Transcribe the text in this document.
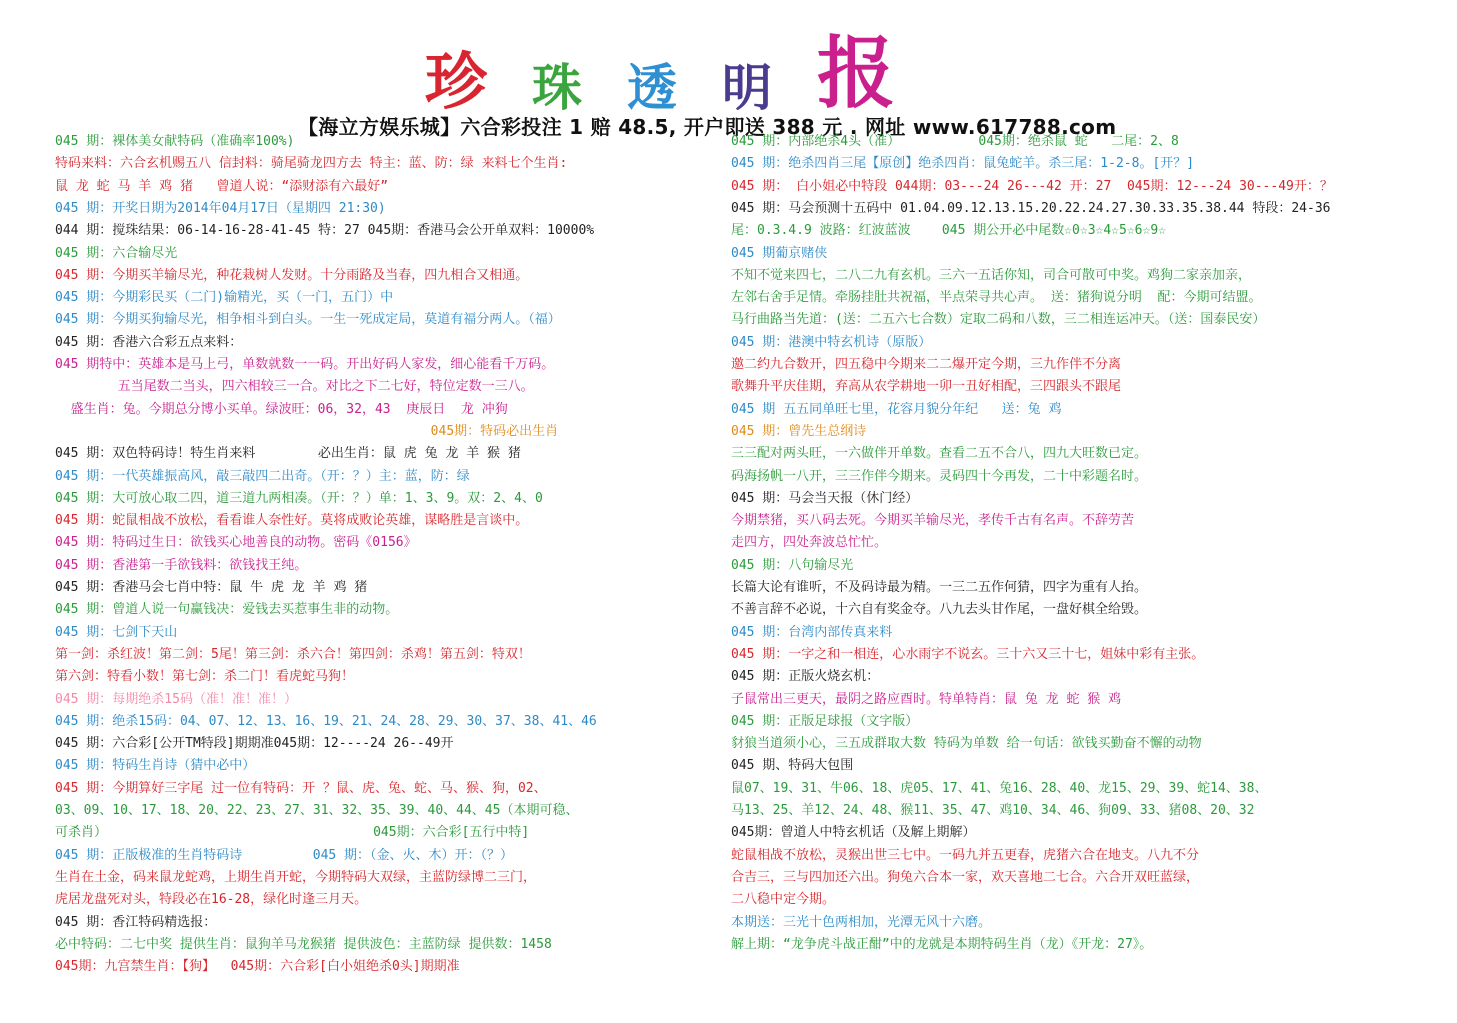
珍 珠 透 明 报
【海立方娱乐城】六合彩投注 1 赔 48.5, 开户即送 388 元 . 网址 www.617788.com
045 期：裸体美女献特码（准确率100%)
特码来料：六合玄机赐五八 信封料：骑尾骑龙四方去 特主：蓝、防：绿 来料七个生肖:
鼠 龙 蛇 马 羊 鸡 猪   曾道人说：“添财添有六最好”
045 期：开奖日期为2014年04月17日（星期四 21:30)
044 期：搅珠结果：06-14-16-28-41-45 特：27 045期：香港马会公开单双料：10000%
045 期：六合输尽光
045 期：今期买羊输尽光，种花栽树人发财。十分雨路及当春，四九相合又相通。
045 期：今期彩民买（二门)输精光，买（一门，五门）中
045 期：今期买狗输尽光，相争相斗到白头。一生一死成定局，莫道有福分两人。（福）
045 期：香港六合彩五点来料：
045 期特中：英雄本是马上弓，单数就数一一码。开出好码人家发，细心能看千万码。
五当尾数二当头，四六相较三一合。对比之下二七好，特位定数一三八。
盛生肖：兔。今期总分博小买单。绿波旺：06，32，43  庚辰日  龙 冲狗
045期：特码必出生肖
045 期：双色特码诗！特生肖来料        必出生肖：鼠 虎 兔 龙 羊 猴 猪
045 期：一代英雄振高风，敲三敲四二出奇。（开：？）主：蓝，防：绿
045 期：大可放心取二四，道三道九两相凑。（开：？）单：1、3、9。双：2、4、0
045 期：蛇鼠相战不放松，看看谁人奈性好。莫将成败论英雄，谋略胜是言谈中。
045 期：特码过生日：欲钱买心地善良的动物。密码《0156》
045 期：香港第一手欲钱料：欲钱找王纯。
045 期：香港马会七肖中特：鼠 牛 虎 龙 羊 鸡 猪
045 期：曾道人说一句赢钱决：爱钱去买惹事生非的动物。
045 期：七剑下天山
第一剑：杀红波！第二剑：5尾！第三剑：杀六合！第四剑：杀鸡！第五剑：特双！
第六剑：特看小数！第七剑：杀二门！看虎蛇马狗！
045 期：每期绝杀15码（准！准！准！）
045 期：绝杀15码：04、07、12、13、16、19、21、24、28、29、30、37、38、41、46
045 期：六合彩[公开TM特段]期期准045期：12----24 26--49开
045 期：特码生肖诗（猜中必中）
045 期：今期算好三字尾 过一位有特码：开 ？鼠、虎、兔、蛇、马、猴、狗，02、
03、09、10、17、18、20、22、23、27、31、32、35、39、40、44、45（本期可稳、
可杀肖）                                  045期：六合彩[五行中特]
045 期：正版极准的生肖特码诗         045 期：（金、火、木）开：（？）
生肖在土金，码来鼠龙蛇鸡，上期生肖开蛇，今期特码大双绿，主蓝防绿博二三门，
虎居龙盘死对头，特段必在16-28，绿化时逢三月天。
045 期：香江特码精选报：
必中特码：二七中奖 提供生肖：鼠狗羊马龙猴猪 提供波色：主蓝防绿 提供数：1458
045期：九宫禁生肖：【狗】  045期：六合彩[白小姐绝杀0头]期期准
045 期：内部绝杀4头（准）          045期：绝杀鼠 蛇   二尾：2、8
045 期：绝杀四肖三尾【原创】绝杀四肖：鼠兔蛇羊。杀三尾：1-2-8。[开？]
045 期： 白小姐必中特段 044期：03---24 26---42 开：27  045期：12---24 30---49开：？
045 期：马会预测十五码中 01.04.09.12.13.15.20.22.24.27.30.33.35.38.44 特段：24-36
尾：0.3.4.9 波路：红波蓝波    045 期公开必中尾数☆0☆3☆4☆5☆6☆9☆
045 期葡京赌侠
不知不觉来四七，二八二九有玄机。三六一五话你知，司合可散可中奖。鸡狗二家亲加亲，
左邻右舍手足情。牵肠挂肚共祝福，半点荣寻共心声。 送：猪狗说分明  配：今期可结盟。
马行曲路当先道：(送：二五六七合数）定取二码和八数，三二相连运冲天。（送：国泰民安）
045 期：港澳中特玄机诗（原版）
邀二约九合数开，四五稳中今期来二二爆开定今期，三九作伴不分离
歌舞升平庆佳期，弃高从农学耕地一卯一丑好相配，三四跟头不跟尾
045 期 五五同单旺七里，花容月貌分年纪   送：兔 鸡
045 期：曾先生总纲诗
三三配对两头旺，一六做伴开单数。查看二五不合八，四九大旺数已定。
码海扬帆一八开，三三作伴今期来。灵码四十今再发，二十中彩题名时。
045 期：马会当天报（休门经）
今期禁猪，买八码去死。今期买羊输尽光，孝传千古有名声。不辞劳苦
走四方，四处奔波总忙忙。
045 期：八句输尽光
长篇大论有谁听，不及码诗最为精。一三二五作何猜，四字为重有人抬。
不善言辞不必说，十六自有奖金夺。八九去头甘作尾，一盘好棋全给毁。
045 期：台湾内部传真来料
045 期：一字之和一相连，心水雨字不说玄。三十六又三十七，姐妹中彩有主张。
045 期：正版火烧玄机：
子鼠常出三更天，最阴之路应酉时。特单特肖：鼠 兔 龙 蛇 猴 鸡
045 期：正版足球报（文字版）
豺狼当道须小心，三五成群取大数 特码为单数 给一句话：欲钱买勤奋不懈的动物
045 期、特码大包围
鼠07、19、31、牛06、18、虎05、17、41、兔16、28、40、龙15、29、39、蛇14、38、
马13、25、羊12、24、48、猴11、35、47、鸡10、34、46、狗09、33、猪08、20、32
045期：曾道人中特玄机话（及解上期解）
蛇鼠相战不放松，灵猴出世三七中。一码九并五更春，虎猪六合在地支。八九不分
合吉三，三与四加还六出。狗兔六合本一家，欢天喜地二七合。六合开双旺蓝绿，
二八稳中定今期。
本期送：三光十色两相加，光潭无风十六磨。
解上期：“龙争虎斗战正酣”中的龙就是本期特码生肖（龙）《开龙：27》。
